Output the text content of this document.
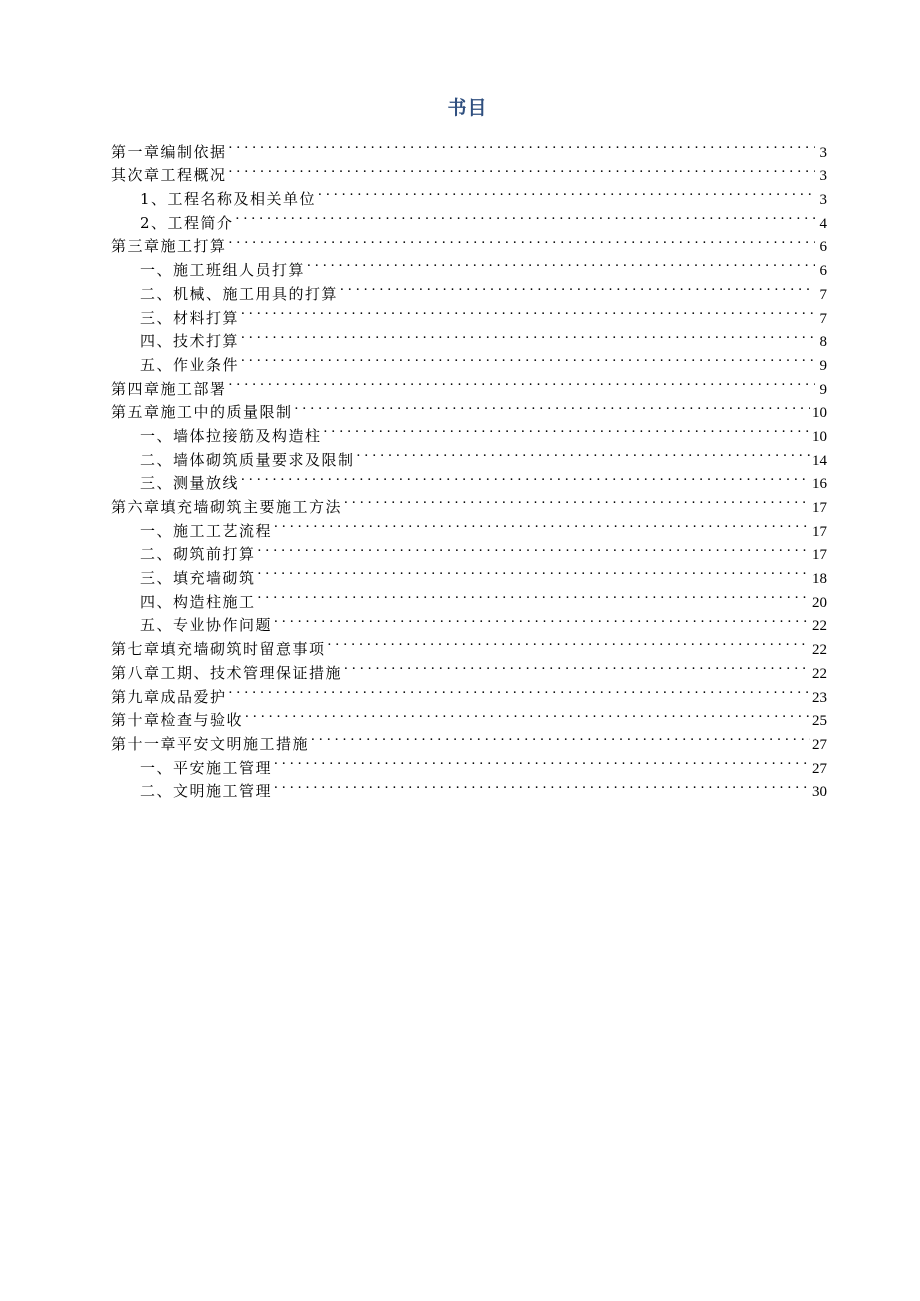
书目
第一章编制依据 . . .	3
其次章工程概况 . . .	3
1、工程名称及相关单位 . . .	3
2、工程简介 . . .	4
第三章施工打算 . . .	6
一、施工班组人员打算 . . .	6
二、机械、施工用具的打算 . . .	7
三、材料打算 . . .	7
四、技术打算 . . .	8
五、作业条件 . . .	9
第四章施工部署 . . .	9
第五章施工中的质量限制 . . .	10
一、墙体拉接筋及构造柱 . . .	10
二、墙体砌筑质量要求及限制 . . .	14
三、测量放线 . . .	16
第六章填充墙砌筑主要施工方法 . . .	17
一、施工工艺流程 . . .	17
二、砌筑前打算 . . .	17
三、填充墙砌筑 . . .	18
四、构造柱施工 . . .	20
五、专业协作问题 . . .	22
第七章填充墙砌筑时留意事项 . . .	22
第八章工期、技术管理保证措施 . . .	22
第九章成品爱护 . . .	23
第十章检查与验收 . . .	25
第十一章平安文明施工措施 . . .	27
一、平安施工管理 . . .	27
二、文明施工管理 . . .	30
